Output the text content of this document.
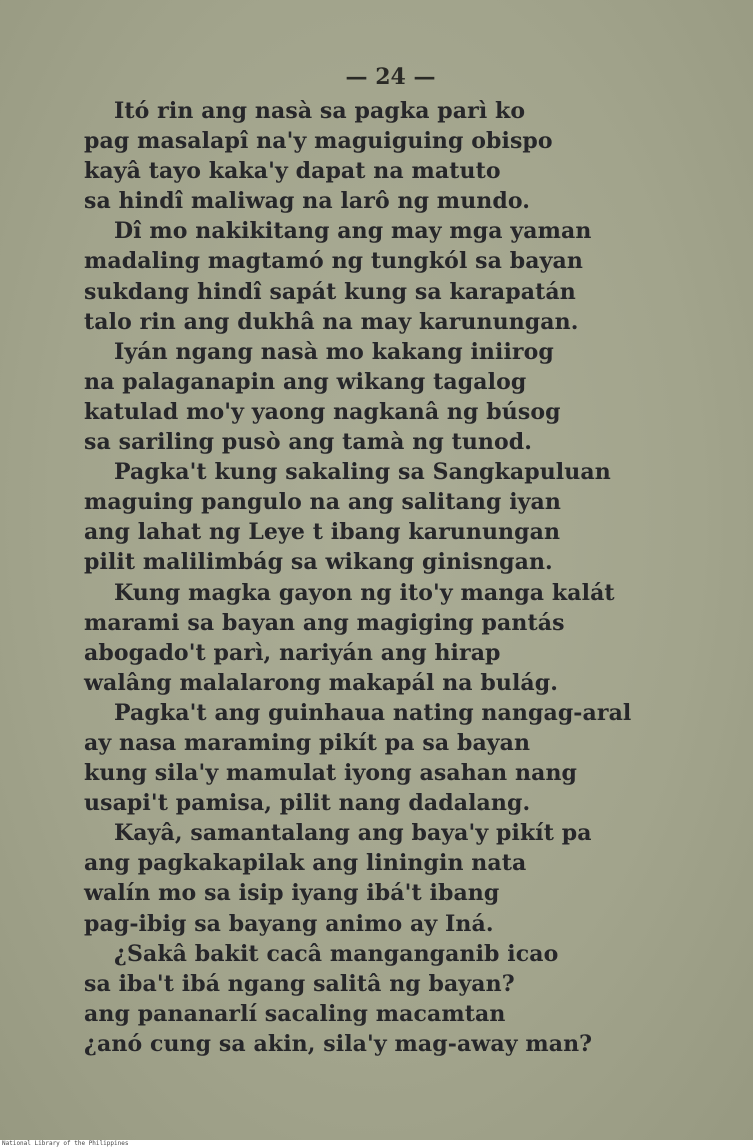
— 24 —
Itó rin ang nasà sa pagka parì ko
pag masalapî na'y maguiguing obispo
kayâ tayo kaka'y dapat na matuto
sa hindî maliwag na larô ng mundo.
Dî mo nakikitang ang may mga yaman
madaling magtamó ng tungkól sa bayan
sukdang hindî sapát kung sa karapatán
talo rin ang dukhâ na may karunungan.
Iyán ngang nasà mo kakang iniirog
na palaganapin ang wikang tagalog
katulad mo'y yaong nagkanâ ng búsog
sa sariling pusò ang tamà ng tunod.
Pagka't kung sakaling sa Sangkapuluan
maguing pangulo na ang salitang iyan
ang lahat ng Leye t ibang karunungan
pilit malilimbág sa wikang ginisngan.
Kung magka gayon ng ito'y manga kalát
marami sa bayan ang magiging pantás
abogado't parì, nariyán ang hirap
walâng malalarong makapál na bulág.
Pagka't ang guinhaua nating nangag-aral
ay nasa maraming pikít pa sa bayan
kung sila'y mamulat iyong asahan nang
usapi't pamisa, pilit nang dadalang.
Kayâ, samantalang ang baya'y pikít pa
ang pagkakapilak ang liningin nata
walín mo sa isip iyang ibá't ibang
pag-ibig sa bayang animo ay Iná.
¿Sakâ bakit cacâ manganganib icao
sa iba't ibá ngang salitâ ng bayan?
ang pananarlí sacaling macamtan
¿anó cung sa akin, sila'y mag-away man?
National Library of the Philippines
